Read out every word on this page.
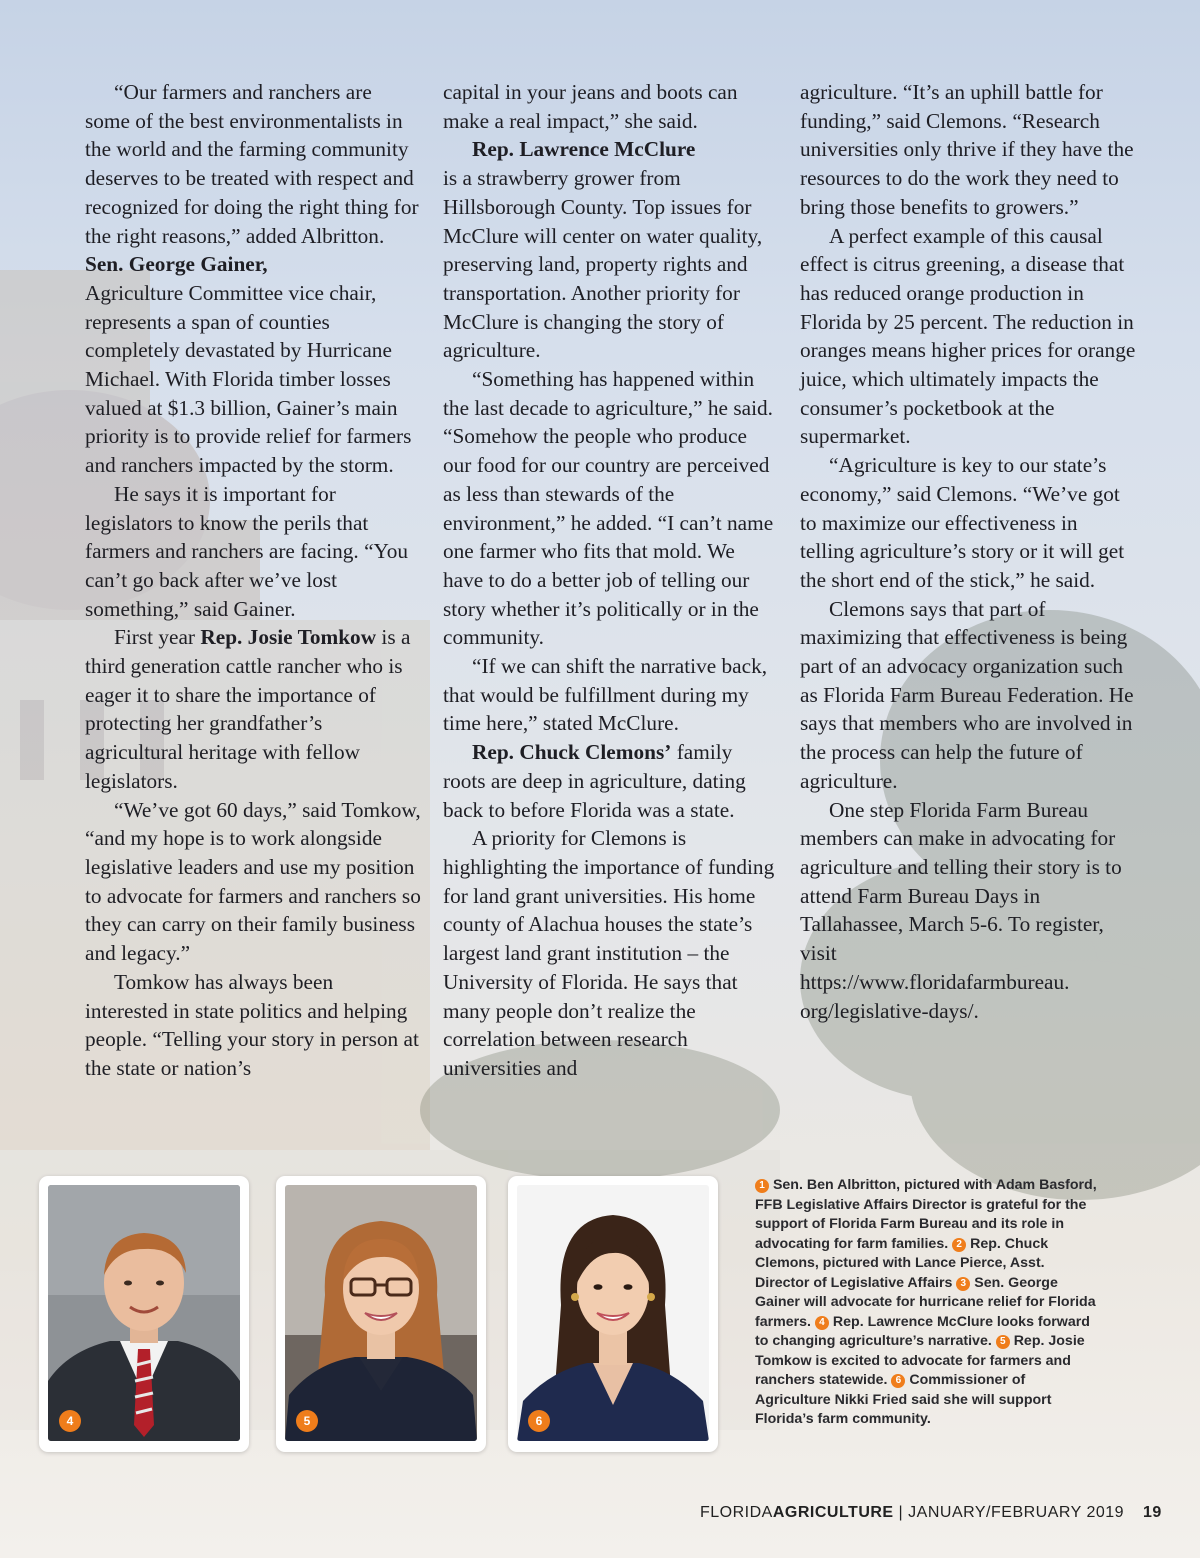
“Our farmers and ranchers are some of the best environmentalists in the world and the farming community deserves to be treated with respect and recognized for doing the right thing for the right reasons,” added Albritton.

Sen. George Gainer,

Agriculture Committee vice chair, represents a span of counties completely devastated by Hurricane Michael. With Florida timber losses valued at $1.3 billion, Gainer’s main priority is to provide relief for farmers and ranchers impacted by the storm.

He says it is important for legislators to know the perils that farmers and ranchers are facing. “You can’t go back after we’ve lost something,” said Gainer.

First year Rep. Josie Tomkow is a third generation cattle rancher who is eager it to share the importance of protecting her grandfather’s agricultural heritage with fellow legislators.

“We’ve got 60 days,” said Tomkow, “and my hope is to work alongside legislative leaders and use my position to advocate for farmers and ranchers so they can carry on their family business and legacy.”

Tomkow has always been interested in state politics and helping people. “Telling your story in person at the state or nation’s

capital in your jeans and boots can make a real impact,” she said.

Rep. Lawrence McClure

is a strawberry grower from Hillsborough County. Top issues for McClure will center on water quality, preserving land, property rights and transportation. Another priority for McClure is changing the story of agriculture.

“Something has happened within the last decade to agriculture,” he said. “Somehow the people who produce our food for our country are perceived as less than stewards of the environment,” he added. “I can’t name one farmer who fits that mold. We have to do a better job of telling our story whether it’s politically or in the community.

“If we can shift the narrative back, that would be fulfillment during my time here,” stated McClure.

Rep. Chuck Clemons’ family roots are deep in agriculture, dating back to before Florida was a state.

A priority for Clemons is highlighting the importance of funding for land grant universities. His home county of Alachua houses the state’s largest land grant institution – the University of Florida. He says that many people don’t realize the correlation between research universities and

agriculture. “It’s an uphill battle for funding,” said Clemons. “Research universities only thrive if they have the resources to do the work they need to bring those benefits to growers.”

A perfect example of this causal effect is citrus greening, a disease that has reduced orange production in Florida by 25 percent. The reduction in oranges means higher prices for orange juice, which ultimately impacts the consumer’s pocketbook at the supermarket.

“Agriculture is key to our state’s economy,” said Clemons. “We’ve got to maximize our effectiveness in telling agriculture’s story or it will get the short end of the stick,” he said.

Clemons says that part of maximizing that effectiveness is being part of an advocacy organization such as Florida Farm Bureau Federation. He says that members who are involved in the process can help the future of agriculture.

One step Florida Farm Bureau members can make in advocating for agriculture and telling their story is to attend Farm Bureau Days in Tallahassee, March 5-6. To register, visit

https://www.floridafarmbureau.

org/legislative-days/.

4	5	6
1 Sen. Ben Albritton, pictured with Adam Basford, FFB Legislative Affairs Director is grateful for the support of Florida Farm Bureau and its role in advocating for farm families. 2 Rep. Chuck Clemons, pictured with Lance Pierce, Asst. Director of Legislative Affairs 3 Sen. George Gainer will advocate for hurricane relief for Florida farmers. 4 Rep. Lawrence McClure looks forward to changing agriculture’s narrative. 5 Rep. Josie Tomkow is excited to advocate for farmers and ranchers statewide. 6 Commissioner of Agriculture Nikki Fried said she will support Florida’s farm community.
FLORIDAAGRICULTURE | JANUARY/FEBRUARY 2019 19
